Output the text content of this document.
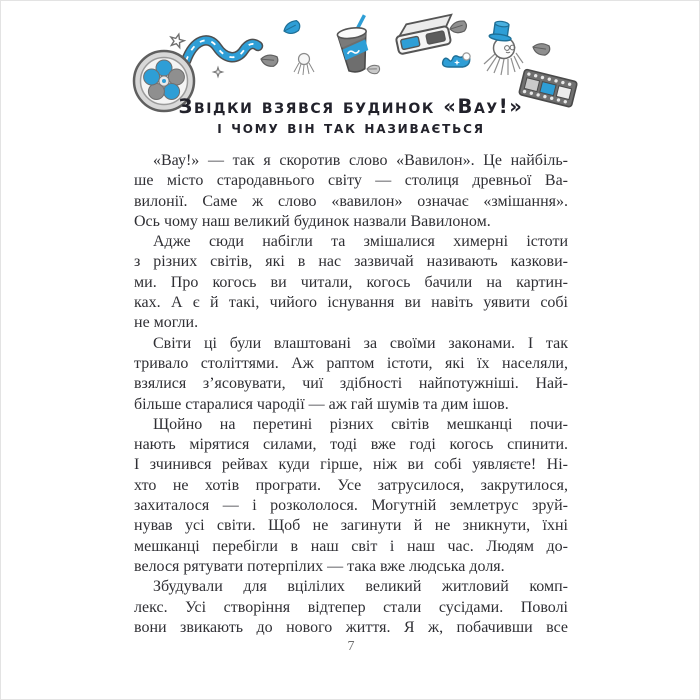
Звідки взявся будинок «Вау!»
і чому він так називається
«Вау!» — так я скоротив слово «Вавилон». Це найбіль-
ше місто стародавнього світу — столиця древньої Ва-
вилонії. Саме ж слово «вавилон» означає «змішання».
Ось чому наш великий будинок назвали Вавилоном.
Адже сюди набігли та змішалися химерні істоти
з різних світів, які в нас зазвичай називають казкови-
ми. Про когось ви читали, когось бачили на картин-
ках. А є й такі, чийого існування ви навіть уявити собі
не могли.
Світи ці були влаштовані за своїми законами. І так
тривало століттями. Аж раптом істоти, які їх населяли,
взялися з’ясовувати, чиї здібності найпотужніші. Най-
більше старалися чародії — аж гай шумів та дим ішов.
Щойно на перетині різних світів мешканці почи-
нають мірятися силами, тоді вже годі когось спинити.
І зчинився рейвах куди гірше, ніж ви собі уявляєте! Ні-
хто не хотів програти. Усе затрусилося, закрутилося,
захиталося — і розкололося. Могутній землетрус зруй-
нував усі світи. Щоб не загинути й не зникнути, їхні
мешканці перебігли в наш світ і наш час. Людям до-
велося рятувати потерпілих — така вже людська доля.
Збудували для вцілілих великий житловий комп-
лекс. Усі створіння відтепер стали сусідами. Поволі
вони звикають до нового життя. Я ж, побачивши все
7
